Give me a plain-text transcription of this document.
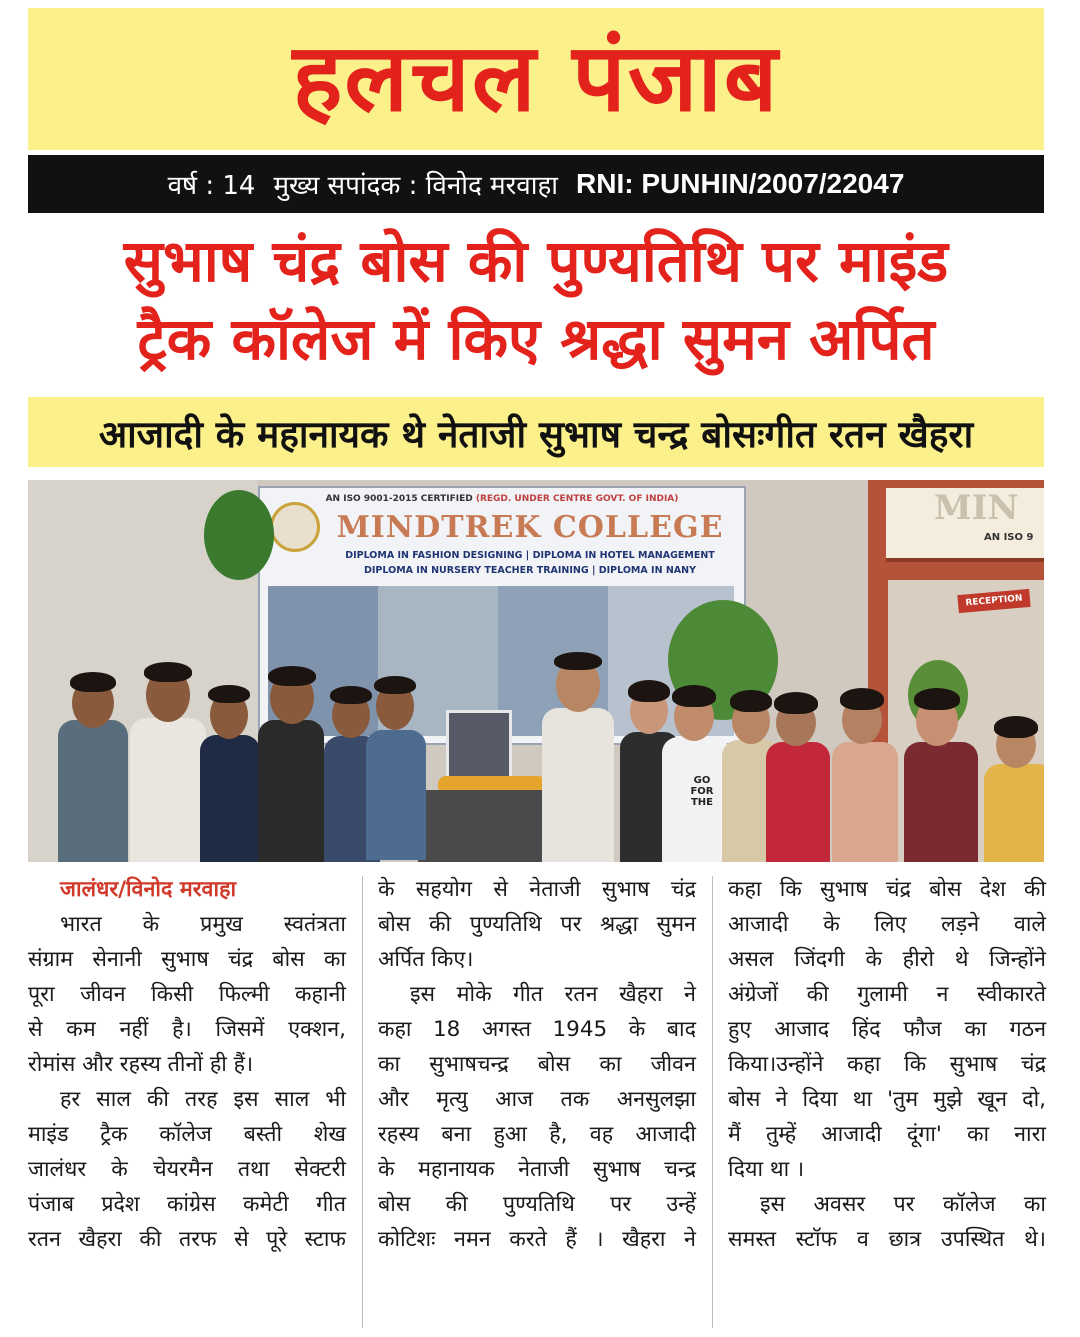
हलचल पंजाब
वर्ष : 14 मुख्य सपांदक : विनोद मरवाहा RNI: PUNHIN/2007/22047
सुभाष चंद्र बोस की पुण्यतिथि पर माइंड
ट्रैक कॉलेज में किए श्रद्धा सुमन अर्पित
आजादी के महानायक थे नेताजी सुभाष चन्द्र बोसःगीत रतन खैहरा
AN ISO 9001-2015 CERTIFIED (REGD. UNDER CENTRE GOVT. OF INDIA)
MINDTREK COLLEGE
DIPLOMA IN FASHION DESIGNING | DIPLOMA IN HOTEL MANAGEMENT
DIPLOMA IN NURSERY TEACHER TRAINING | DIPLOMA IN NANY
MIN
AN ISO 9
RECEPTION
GO FOR THE
जालंधर/विनोद मरवाहा
भारत के प्रमुख स्वतंत्रता
संग्राम सेनानी सुभाष चंद्र बोस का
पूरा जीवन किसी फिल्मी कहानी
से कम नहीं है। जिसमें एक्शन,
रोमांस और रहस्य तीनों ही हैं।
हर साल की तरह इस साल भी
माइंड ट्रैक कॉलेज बस्ती शेख
जालंधर के चेयरमैन तथा सेक्टरी
पंजाब प्रदेश कांग्रेस कमेटी गीत
रतन खैहरा की तरफ से पूरे स्टाफ
के सहयोग से नेताजी सुभाष चंद्र
बोस की पुण्यतिथि पर श्रद्धा सुमन
अर्पित किए।
इस मोके गीत रतन खैहरा ने
कहा 18 अगस्त 1945 के बाद
का सुभाषचन्द्र बोस का जीवन
और मृत्यु आज तक अनसुलझा
रहस्य बना हुआ है, वह आजादी
के महानायक नेताजी सुभाष चन्द्र
बोस की पुण्यतिथि पर उन्हें
कोटिशः नमन करते हैं । खैहरा ने
कहा कि सुभाष चंद्र बोस देश की
आजादी के लिए लड़ने वाले
असल जिंदगी के हीरो थे जिन्होंने
अंग्रेजों की गुलामी न स्वीकारते
हुए आजाद हिंद फौज का गठन
किया।उन्होंने कहा कि सुभाष चंद्र
बोस ने दिया था 'तुम मुझे खून दो,
मैं तुम्हें आजादी दूंगा' का नारा
दिया था ।
इस अवसर पर कॉलेज का
समस्त स्टॉफ व छात्र उपस्थित थे।
